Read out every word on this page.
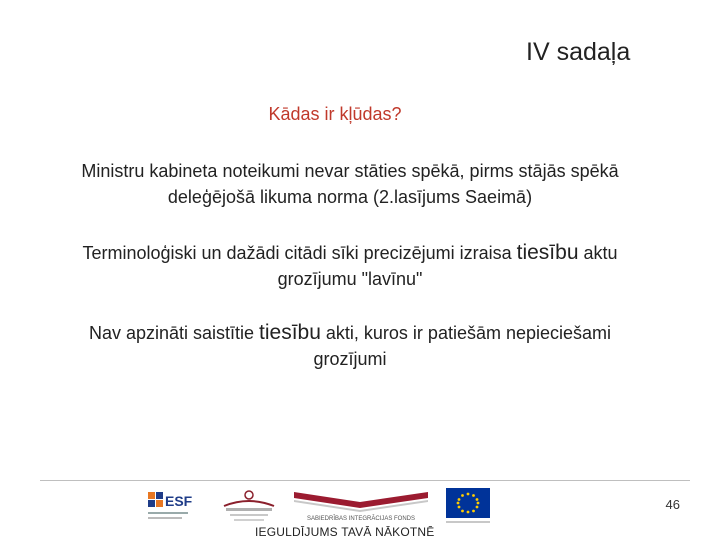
IV sadaļa
Kādas ir kļūdas?
Ministru kabineta noteikumi nevar stāties spēkā, pirms stājās spēkā
deleģējošā likuma norma (2.lasījums Saeimā)
Terminoloģiski un dažādi citādi sīki precizējumi izraisa tiesību aktu
grozījumu "lavīnu"
Nav apzināti saistītie tiesību akti, kuros ir patiešām nepieciešami
grozījumi
46
ESF
SABIEDRĪBAS INTEGRĀCIJAS FONDS
IEGULDĪJUMS TAVĀ NĀKOTNĒ
